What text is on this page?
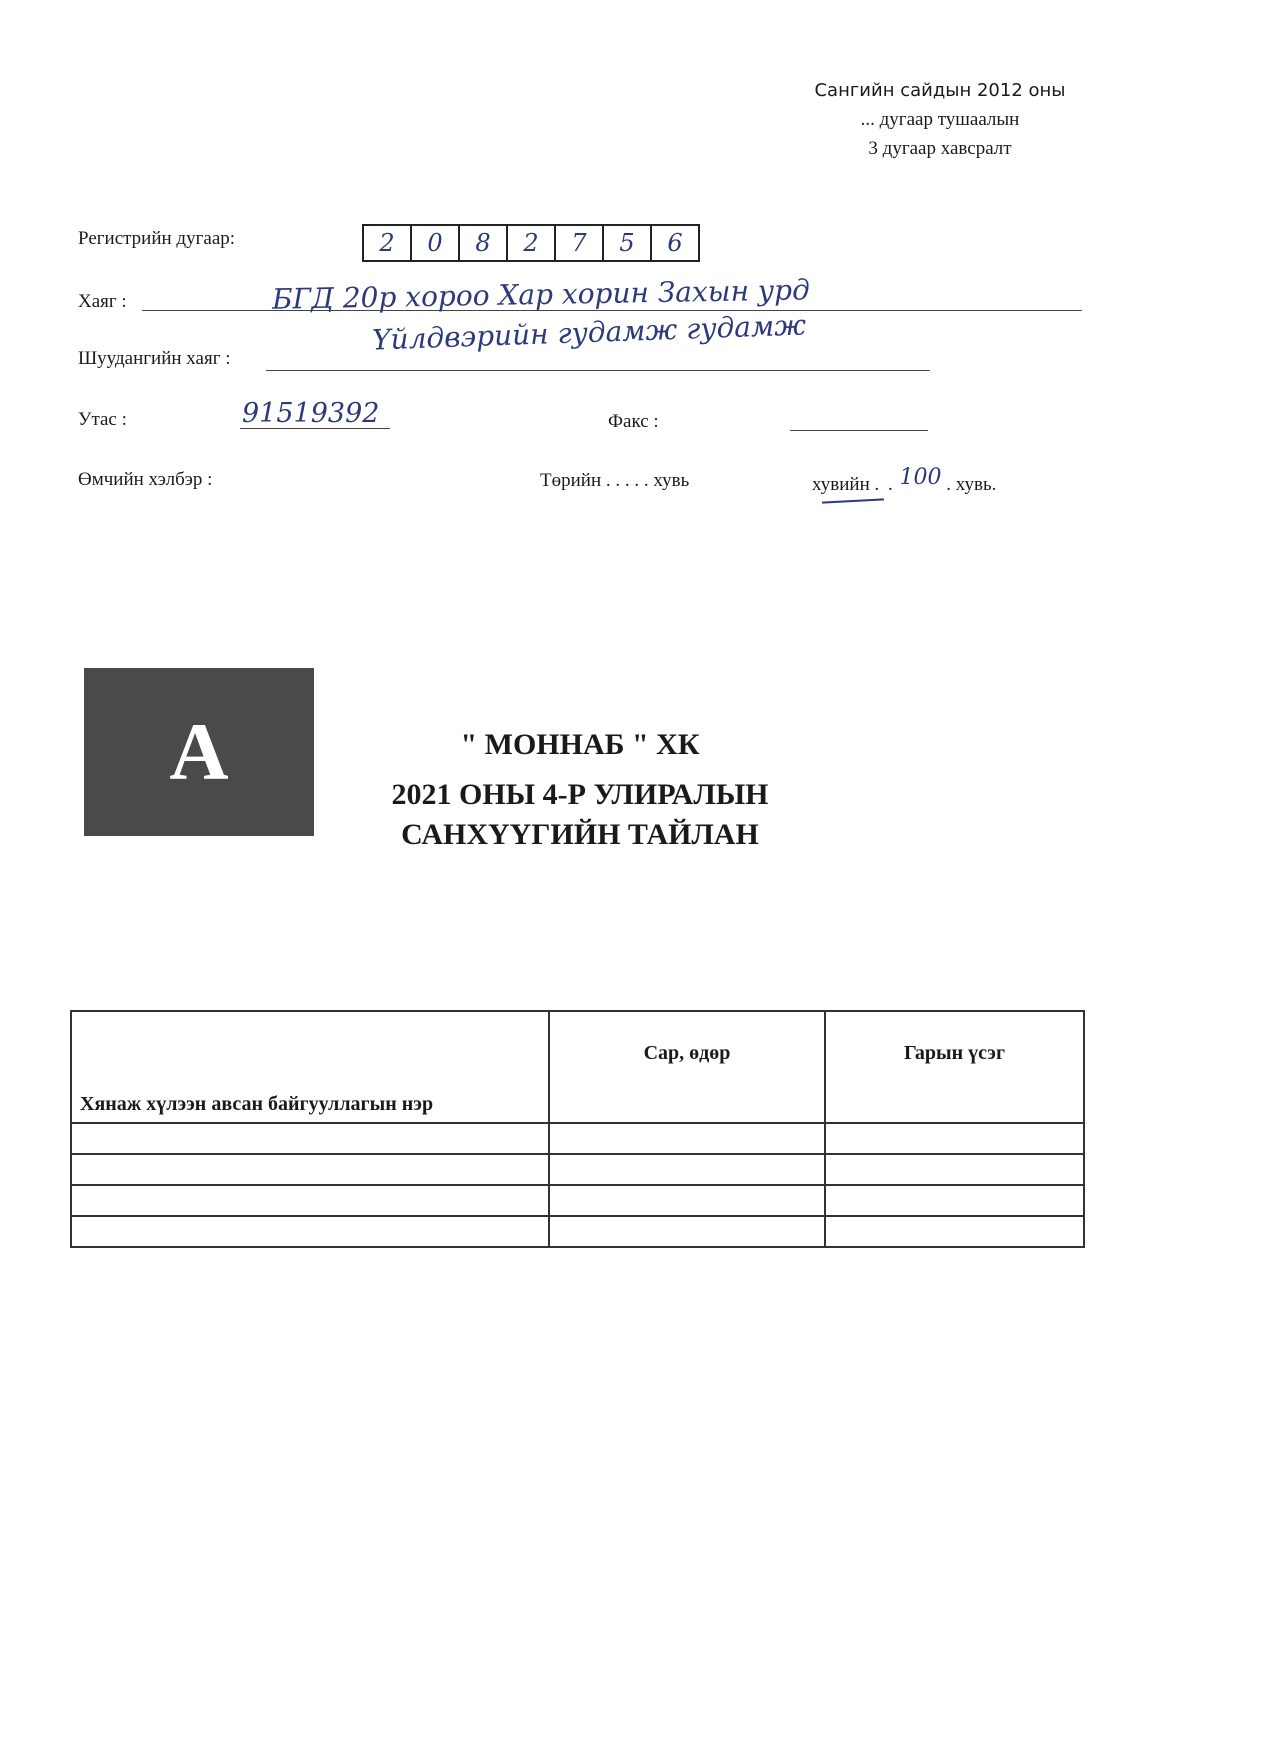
Сангийн сайдын 2012 оны
... дугаар тушаалын
3 дугаар хавсралт
Регистрийн дугаар:	2	0	8	2	7	5	6
Хаяг :	БГД 20р хороо Хар хорин Захын урд
Үйлдвэрийн гудамж гудамж
Шуудангийн хаяг :
Утас :	91519392	Факс :
Өмчийн хэлбэр :	Төрийн . . . . . хувь	хувийн . . 100 . хувь.
А	" МОННАБ " ХК
2021 ОНЫ 4-Р УЛИРАЛЫН
САНХҮҮГИЙН ТАЙЛАН
Хянаж хүлээн авсан байгууллагын нэр	Сар, өдөр	Гарын үсэг
